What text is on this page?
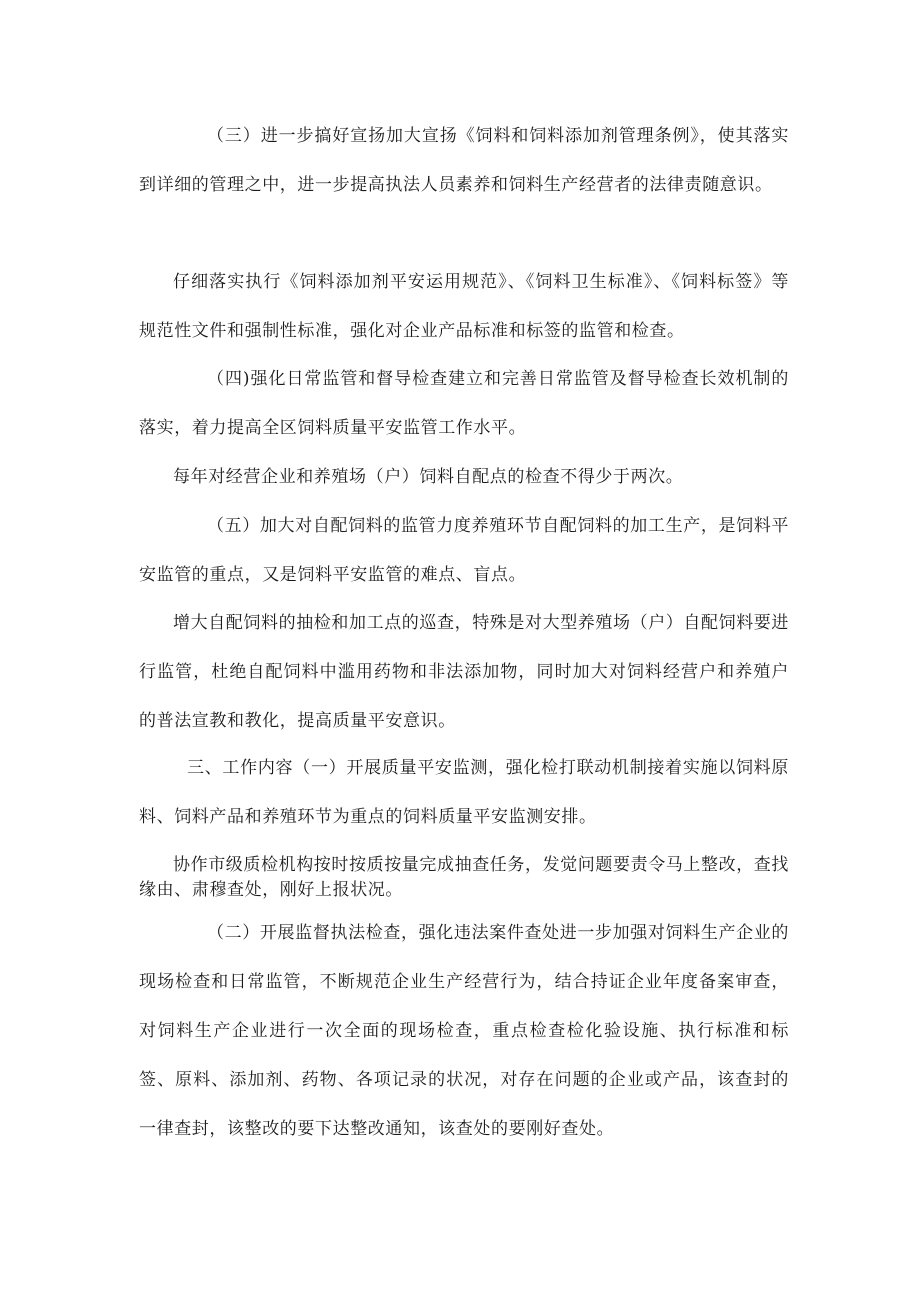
（三）进一步搞好宣扬加大宣扬《饲料和饲料添加剂管理条例》，使其落实到详细的管理之中，进一步提高执法人员素养和饲料生产经营者的法律责随意识。

仔细落实执行《饲料添加剂平安运用规范》、《饲料卫生标准》、《饲料标签》等规范性文件和强制性标准，强化对企业产品标准和标签的监管和检查。

（四)强化日常监管和督导检查建立和完善日常监管及督导检查长效机制的落实，着力提高全区饲料质量平安监管工作水平。

每年对经营企业和养殖场（户）饲料自配点的检查不得少于两次。

（五）加大对自配饲料的监管力度养殖环节自配饲料的加工生产，是饲料平安监管的重点，又是饲料平安监管的难点、盲点。

增大自配饲料的抽检和加工点的巡查，特殊是对大型养殖场（户）自配饲料要进行监管，杜绝自配饲料中滥用药物和非法添加物，同时加大对饲料经营户和养殖户的普法宣教和教化，提高质量平安意识。

三、工作内容（一）开展质量平安监测，强化检打联动机制接着实施以饲料原料、饲料产品和养殖环节为重点的饲料质量平安监测安排。

协作市级质检机构按时按质按量完成抽查任务，发觉问题要责令马上整改，查找缘由、肃穆查处，刚好上报状况。

（二）开展监督执法检查，强化违法案件查处进一步加强对饲料生产企业的现场检查和日常监管，不断规范企业生产经营行为，结合持证企业年度备案审查，对饲料生产企业进行一次全面的现场检查，重点检查检化验设施、执行标准和标签、原料、添加剂、药物、各项记录的状况，对存在问题的企业或产品，该查封的一律查封，该整改的要下达整改通知，该查处的要刚好查处。
